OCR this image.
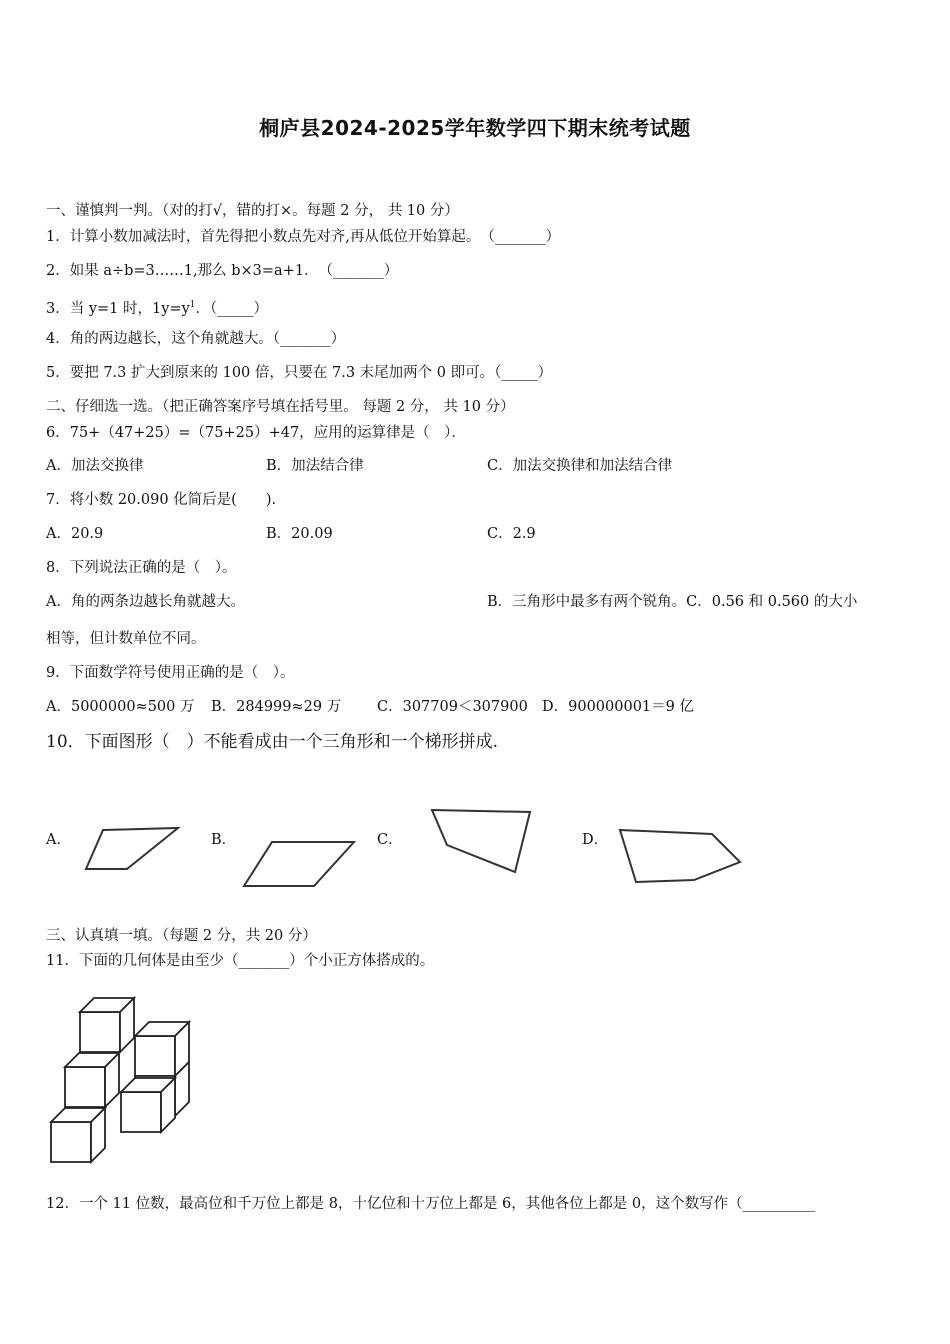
桐庐县2024-2025学年数学四下期末统考试题
一、谨慎判一判。（对的打√，错的打×。每题 2 分， 共 10 分）
1．计算小数加减法时，首先得把小数点先对齐,再从低位开始算起。　（_______）
2．如果 a÷b=3……1,那么 b×3=a+1．　（_______）
3．当 y=1 时，$1y=y^1$．（_____）
4．角的两边越长，这个角就越大。（_______）
5．要把 7.3 扩大到原来的 100 倍，只要在 7.3 末尾加两个 0 即可。（_____）
二、仔细选一选。（把正确答案序号填在括号里。 每题 2 分， 共 10 分）
6．75+（47+25）=（75+25）+47，应用的运算律是（　）．
A．加法交换律	B．加法结合律	C．加法交换律和加法结合律
7．将小数 20.090 化简后是(　　).
A．20.9	B．20.09	C．2.9
8．下列说法正确的是（　）。
A．角的两条边越长角就越大。	B．三角形中最多有两个锐角。C．0.56 和 0.560 的大小
相等，但计数单位不同。
9．下面数学符号使用正确的是（　）。
A．5000000≈500 万 B．284999≈29 万 C．307709＜307900 D．900000001＝9 亿
10．下面图形（　）不能看成由一个三角形和一个梯形拼成.
A．	B．	C．	D．
三、认真填一填。（每题 2 分，共 20 分）
11．下面的几何体是由至少（_______）个小正方体搭成的。
12．一个 11 位数，最高位和千万位上都是 8，十亿位和十万位上都是 6，其他各位上都是 0，这个数写作（__________
